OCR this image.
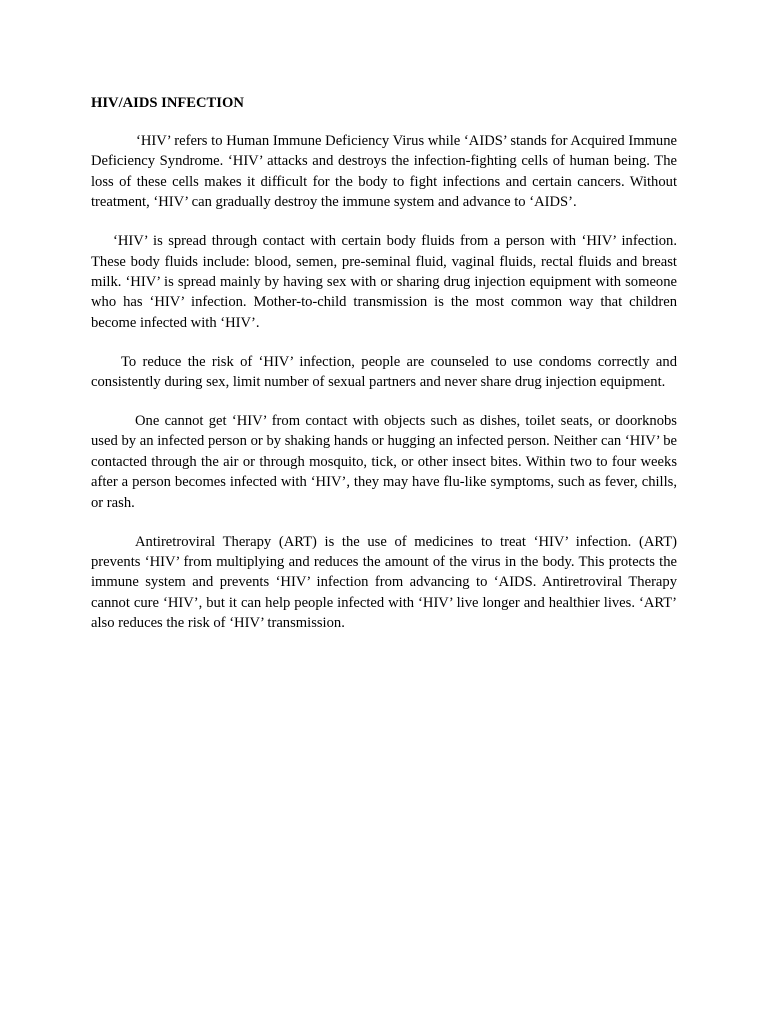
HIV/AIDS INFECTION

‘HIV’ refers to Human Immune Deficiency Virus while ‘AIDS’ stands for Acquired Immune Deficiency Syndrome. ‘HIV’ attacks and destroys the infection-fighting cells of human being. The loss of these cells makes it difficult for the body to fight infections and certain cancers. Without treatment, ‘HIV’ can gradually destroy the immune system and advance to ‘AIDS’.

‘HIV’ is spread through contact with certain body fluids from a person with ‘HIV’ infection. These body fluids include: blood, semen, pre-seminal fluid, vaginal fluids, rectal fluids and breast milk. ‘HIV’ is spread mainly by having sex with or sharing drug injection equipment with someone who has ‘HIV’ infection. Mother-to-child transmission is the most common way that children become infected with ‘HIV’.

To reduce the risk of ‘HIV’ infection, people are counseled to use condoms correctly and consistently during sex, limit number of sexual partners and never share drug injection equipment.

One cannot get ‘HIV’ from contact with objects such as dishes, toilet seats, or doorknobs used by an infected person or by shaking hands or hugging an infected person. Neither can ‘HIV’ be contacted through the air or through mosquito, tick, or other insect bites. Within two to four weeks after a person becomes infected with ‘HIV’, they may have flu-like symptoms, such as fever, chills, or rash.

Antiretroviral Therapy (ART) is the use of medicines to treat ‘HIV’ infection. (ART) prevents ‘HIV’ from multiplying and reduces the amount of the virus in the body. This protects the immune system and prevents ‘HIV’ infection from advancing to ‘AIDS. Antiretroviral Therapy cannot cure ‘HIV’, but it can help people infected with ‘HIV’ live longer and healthier lives. ‘ART’ also reduces the risk of ‘HIV’ transmission.
